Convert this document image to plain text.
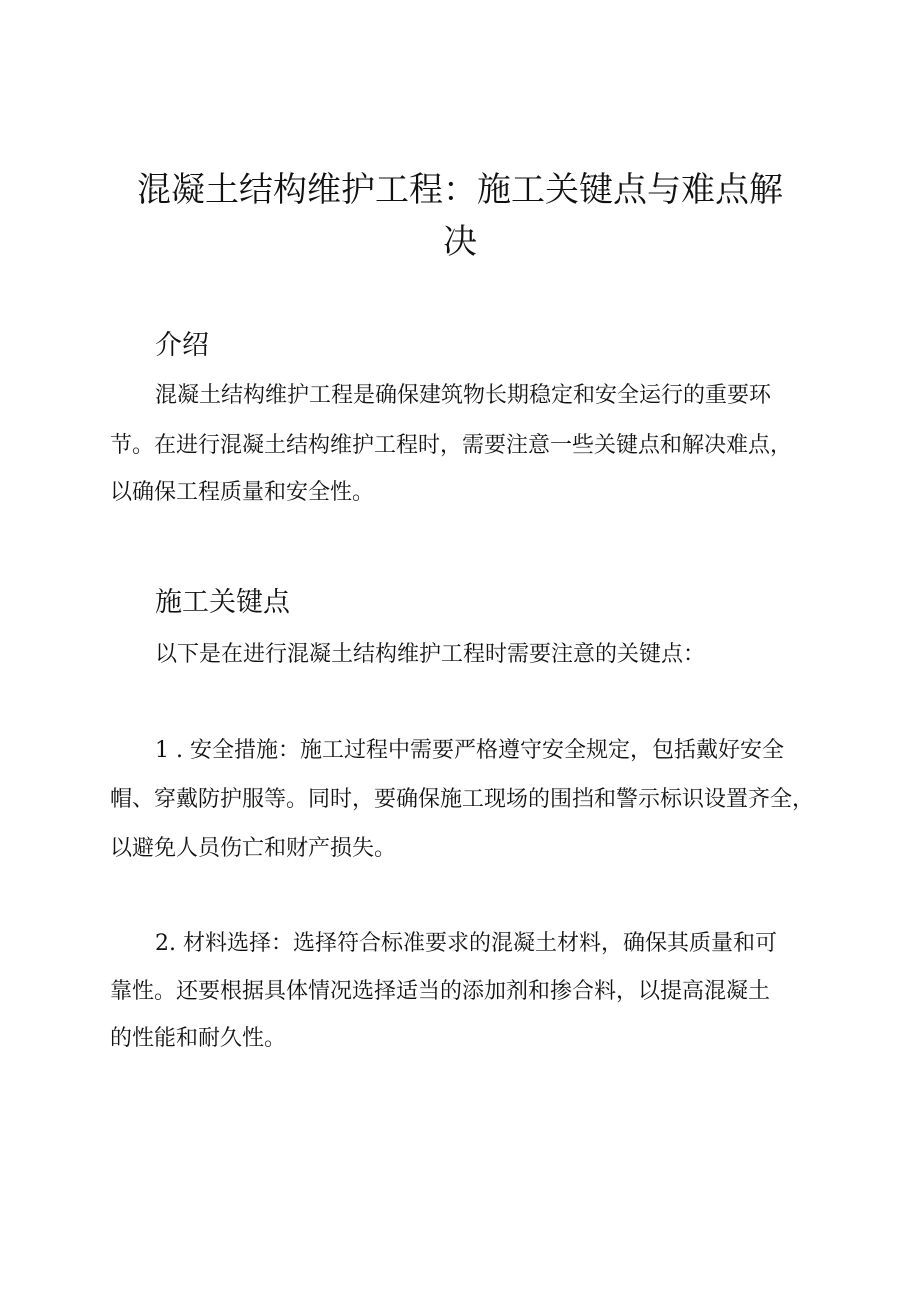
混凝土结构维护工程：施工关键点与难点解
决
介绍
混凝土结构维护工程是确保建筑物长期稳定和安全运行的重要环
节。在进行混凝土结构维护工程时，需要注意一些关键点和解决难点，
以确保工程质量和安全性。
施工关键点
以下是在进行混凝土结构维护工程时需要注意的关键点：
1 . 安全措施：施工过程中需要严格遵守安全规定，包括戴好安全
帽、穿戴防护服等。同时，要确保施工现场的围挡和警示标识设置齐全，
以避免人员伤亡和财产损失。
2. 材料选择：选择符合标准要求的混凝土材料，确保其质量和可
靠性。还要根据具体情况选择适当的添加剂和掺合料，以提高混凝土
的性能和耐久性。
